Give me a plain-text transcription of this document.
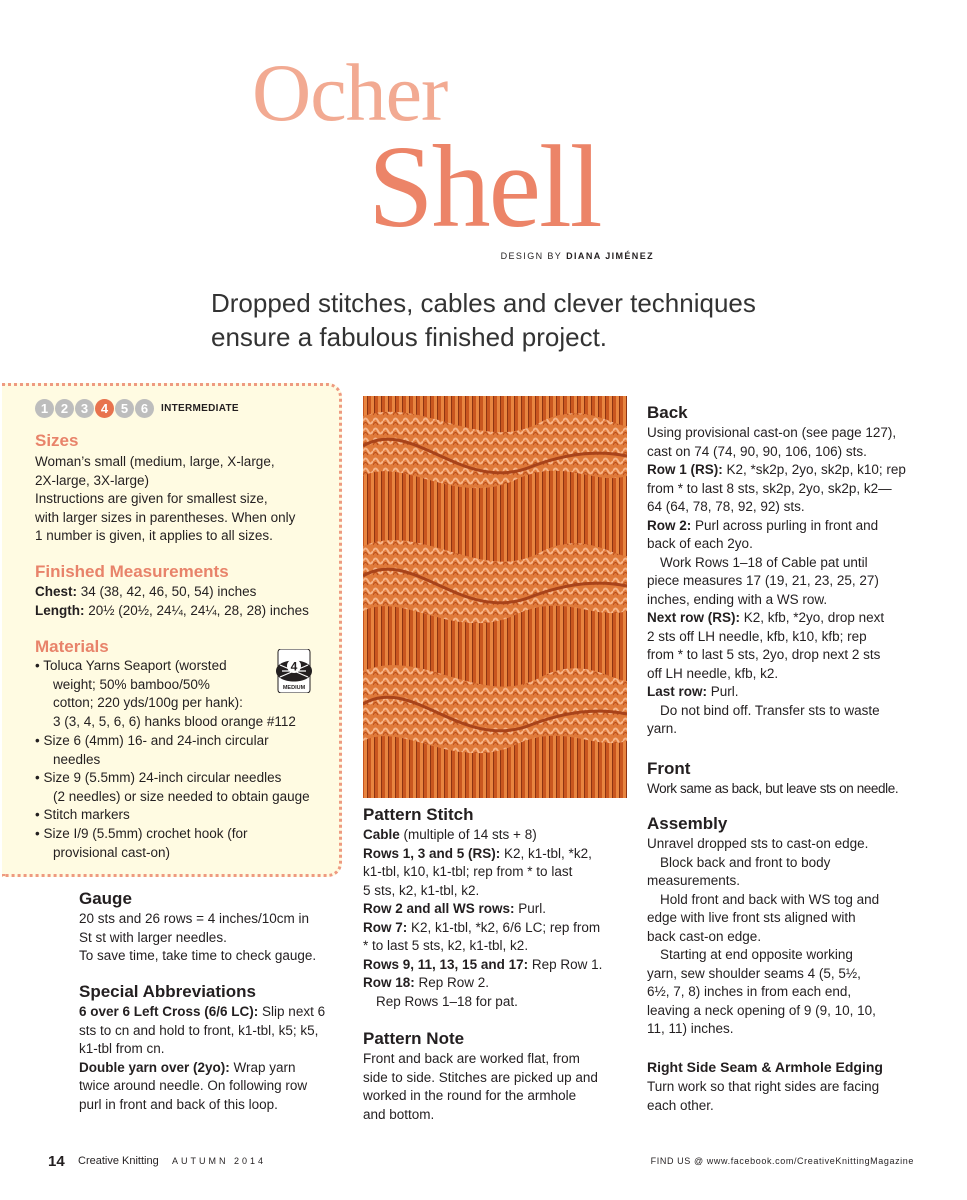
Ocher
Shell
DESIGN BY DIANA JIMÉNEZ
Dropped stitches, cables and clever techniques
ensure a fabulous finished project.
1 2 3 4 5 6	INTERMEDIATE
Sizes
Woman’s small (medium, large, X-large,
2X-large, 3X-large)
Instructions are given for smallest size,
with larger sizes in parentheses. When only
1 number is given, it applies to all sizes.
Finished Measurements
Chest: 34 (38, 42, 46, 50, 54) inches
Length: 20½ (20½, 24¼, 24¼, 28, 28) inches
Materials
4
MEDIUM
• Toluca Yarns Seaport (worsted
weight; 50% bamboo/50%
cotton; 220 yds/100g per hank):
3 (3, 4, 5, 6, 6) hanks blood orange #112
• Size 6 (4mm) 16- and 24-inch circular
needles
• Size 9 (5.5mm) 24-inch circular needles
(2 needles) or size needed to obtain gauge
• Stitch markers
• Size I/9 (5.5mm) crochet hook (for
provisional cast-on)
Gauge
20 sts and 26 rows = 4 inches/10cm in
St st with larger needles.
To save time, take time to check gauge.
Special Abbreviations
6 over 6 Left Cross (6/6 LC): Slip next 6
sts to cn and hold to front, k1-tbl, k5; k5,
k1-tbl from cn.
Double yarn over (2yo): Wrap yarn
twice around needle. On following row
purl in front and back of this loop.
Pattern Stitch
Cable (multiple of 14 sts + 8)
Rows 1, 3 and 5 (RS): K2, k1-tbl, *k2,
k1-tbl, k10, k1-tbl; rep from * to last
5 sts, k2, k1-tbl, k2.
Row 2 and all WS rows: Purl.
Row 7: K2, k1-tbl, *k2, 6/6 LC; rep from
* to last 5 sts, k2, k1-tbl, k2.
Rows 9, 11, 13, 15 and 17: Rep Row 1.
Row 18: Rep Row 2.
Rep Rows 1–18 for pat.
Pattern Note
Front and back are worked flat, from
side to side. Stitches are picked up and
worked in the round for the armhole
and bottom.
Back
Using provisional cast-on (see page 127),
cast on 74 (74, 90, 90, 106, 106) sts.
Row 1 (RS): K2, *sk2p, 2yo, sk2p, k10; rep
from * to last 8 sts, sk2p, 2yo, sk2p, k2—
64 (64, 78, 78, 92, 92) sts.
Row 2: Purl across purling in front and
back of each 2yo.
Work Rows 1–18 of Cable pat until
piece measures 17 (19, 21, 23, 25, 27)
inches, ending with a WS row.
Next row (RS): K2, kfb, *2yo, drop next
2 sts off LH needle, kfb, k10, kfb; rep
from * to last 5 sts, 2yo, drop next 2 sts
off LH needle, kfb, k2.
Last row: Purl.
Do not bind off. Transfer sts to waste
yarn.
Front
Work same as back, but leave sts on needle.
Assembly
Unravel dropped sts to cast-on edge.
Block back and front to body
measurements.
Hold front and back with WS tog and
edge with live front sts aligned with
back cast-on edge.
Starting at end opposite working
yarn, sew shoulder seams 4 (5, 5½,
6½, 7, 8) inches in from each end,
leaving a neck opening of 9 (9, 10, 10,
11, 11) inches.
Right Side Seam & Armhole Edging
Turn work so that right sides are facing
each other.
14 Creative Knitting AUTUMN 2014	FIND US @ www.facebook.com/CreativeKnittingMagazine
